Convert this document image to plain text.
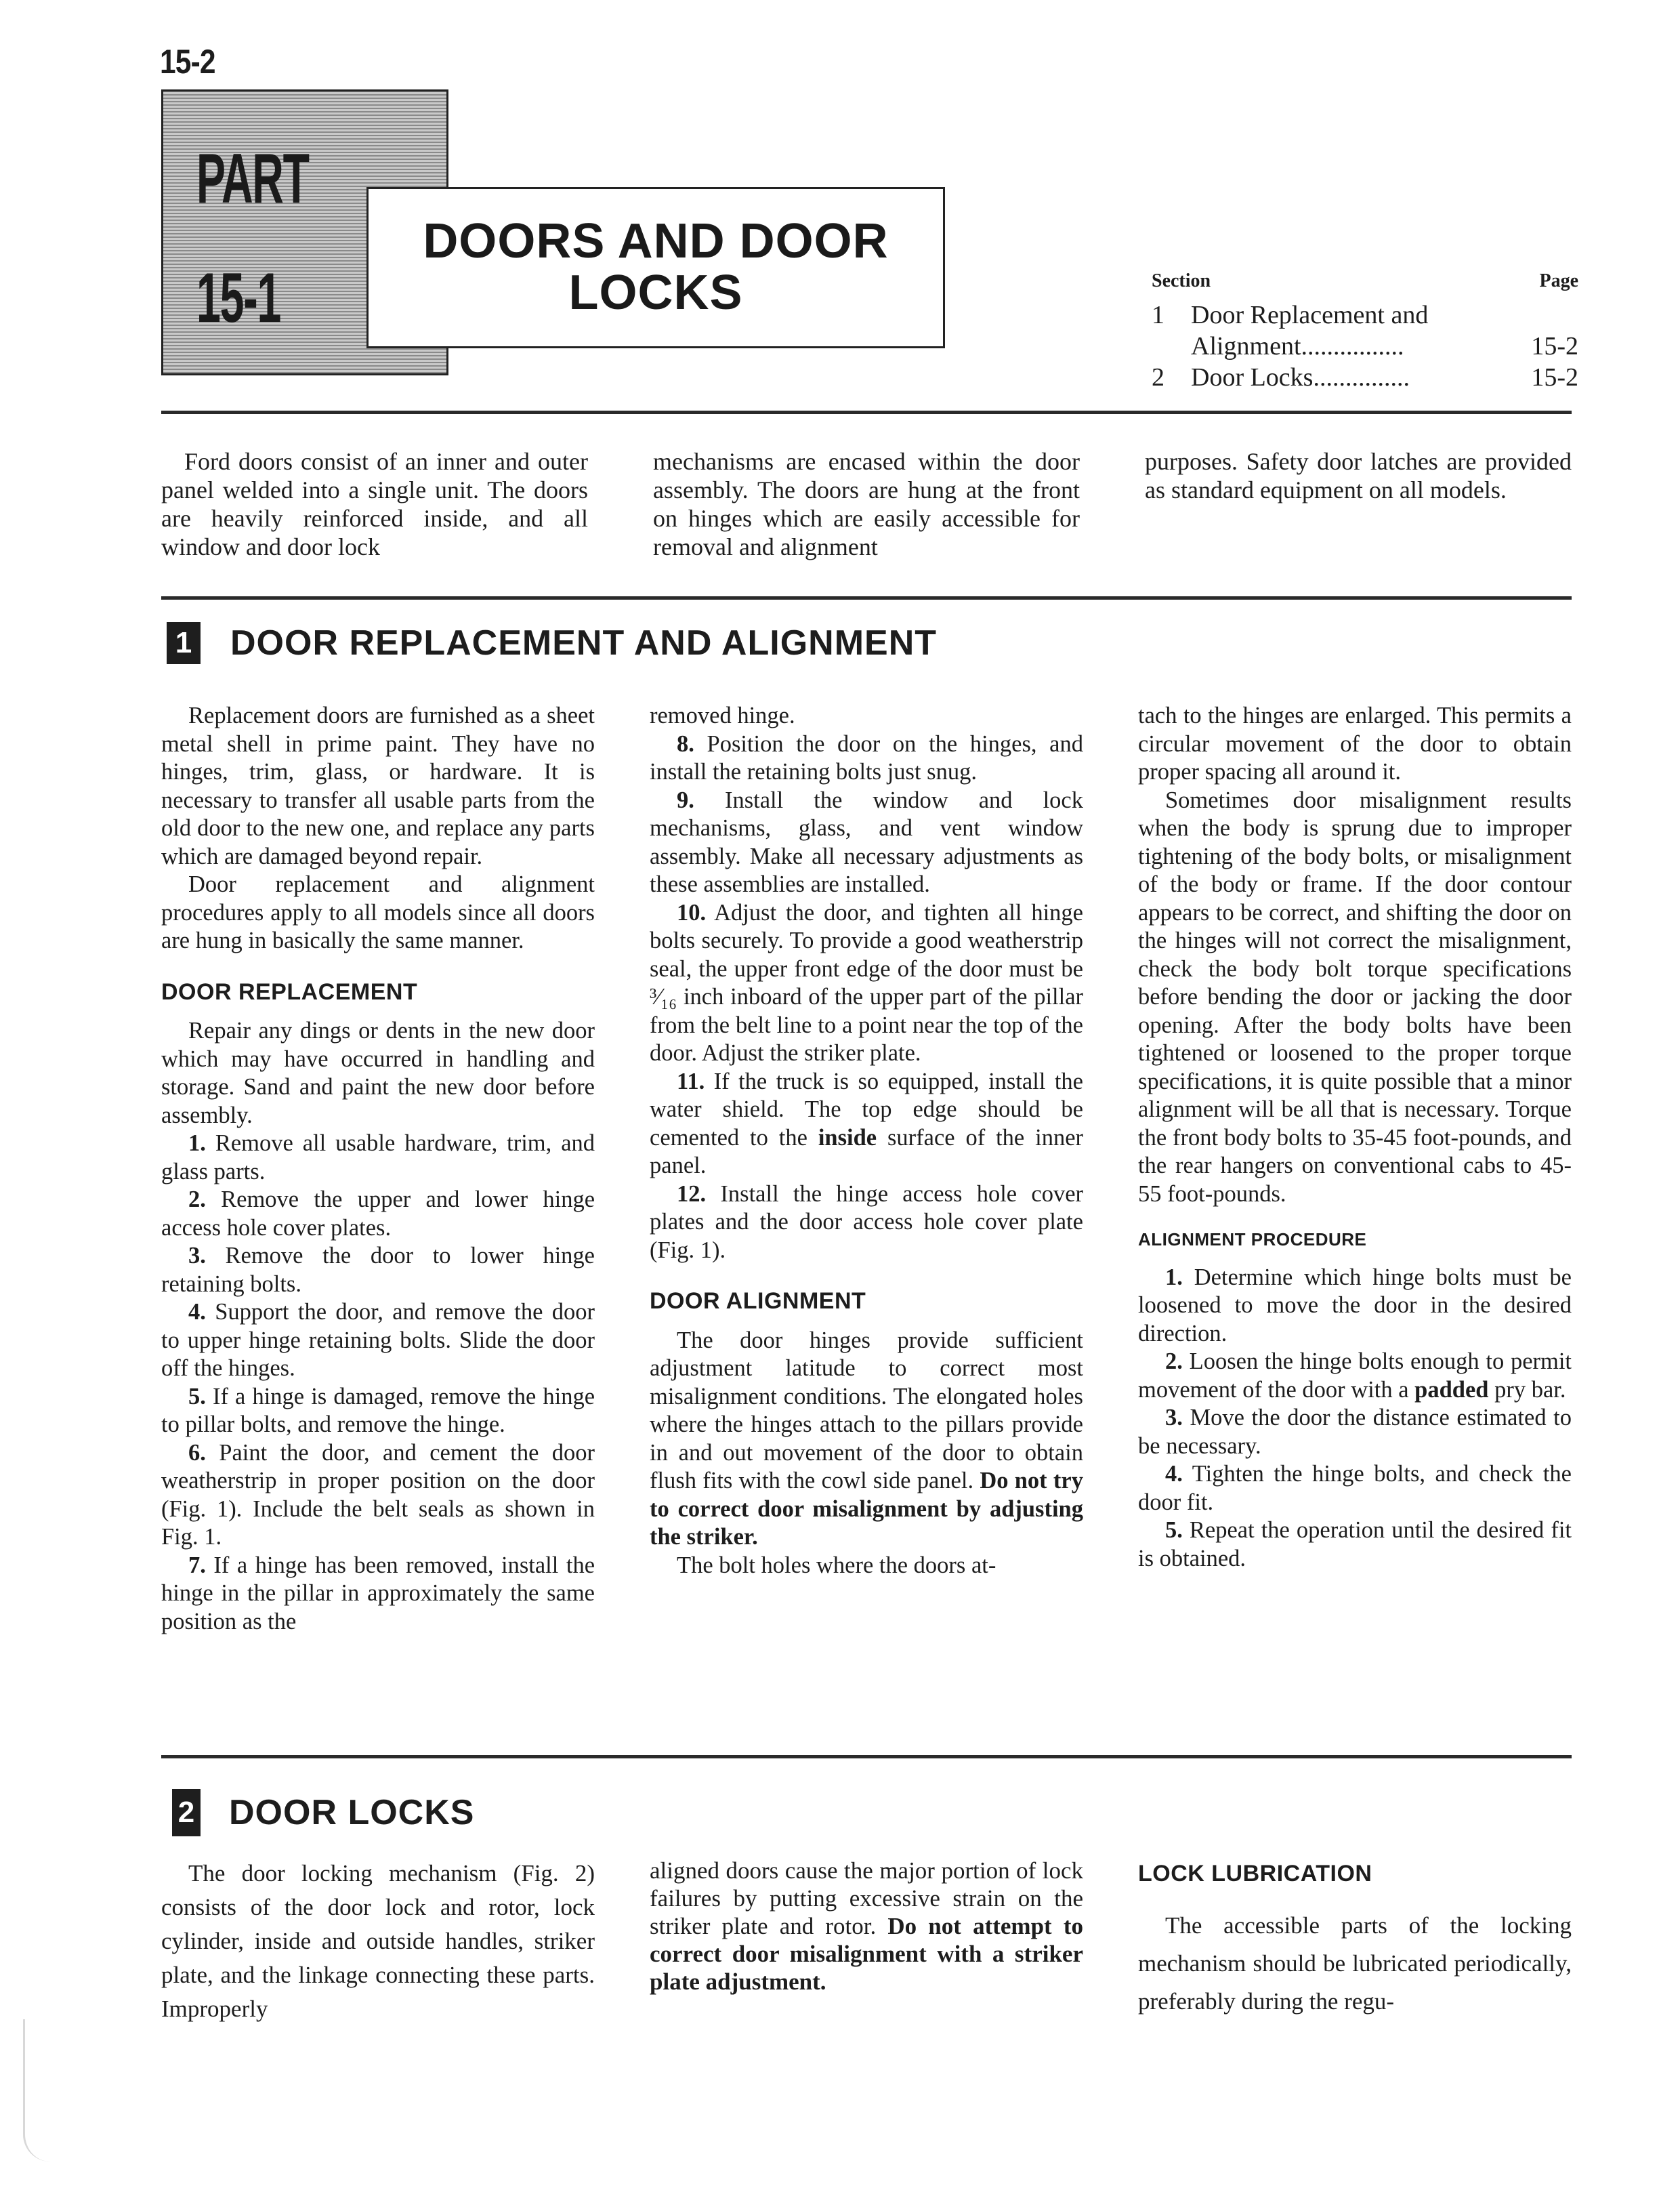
15-2
PART
15-1
DOORS AND DOOR
LOCKS	Section	Page
1	Door Replacement and
Alignment................	15-2
2	Door Locks...............	15-2

Ford doors consist of an inner and outer panel welded into a single unit. The doors are heavily reinforced inside, and all window and door lock

mechanisms are encased within the door assembly. The doors are hung at the front on hinges which are easily accessible for removal and alignment

purposes. Safety door latches are provided as standard equipment on all models.

1 DOOR REPLACEMENT AND ALIGNMENT

Replacement doors are furnished as a sheet metal shell in prime paint. They have no hinges, trim, glass, or hardware. It is necessary to transfer all usable parts from the old door to the new one, and replace any parts which are damaged beyond repair.

Door replacement and alignment procedures apply to all models since all doors are hung in basically the same manner.

DOOR REPLACEMENT

Repair any dings or dents in the new door which may have occurred in handling and storage. Sand and paint the new door before assembly.

1. Remove all usable hardware, trim, and glass parts.

2. Remove the upper and lower hinge access hole cover plates.

3. Remove the door to lower hinge retaining bolts.

4. Support the door, and remove the door to upper hinge retaining bolts. Slide the door off the hinges.

5. If a hinge is damaged, remove the hinge to pillar bolts, and remove the hinge.

6. Paint the door, and cement the door weatherstrip in proper position on the door (Fig. 1). Include the belt seals as shown in Fig. 1.

7. If a hinge has been removed, install the hinge in the pillar in approximately the same position as the

removed hinge.

8. Position the door on the hinges, and install the retaining bolts just snug.

9. Install the window and lock mechanisms, glass, and vent window assembly. Make all necessary adjustments as these assemblies are installed.

10. Adjust the door, and tighten all hinge bolts securely. To provide a good weatherstrip seal, the upper front edge of the door must be ³⁄₁₆ inch inboard of the upper part of the pillar from the belt line to a point near the top of the door. Adjust the striker plate.

11. If the truck is so equipped, install the water shield. The top edge should be cemented to the inside surface of the inner panel.

12. Install the hinge access hole cover plates and the door access hole cover plate (Fig. 1).

DOOR ALIGNMENT

The door hinges provide sufficient adjustment latitude to correct most misalignment conditions. The elongated holes where the hinges attach to the pillars provide in and out movement of the door to obtain flush fits with the cowl side panel. Do not try to correct door misalignment by adjusting the striker.

The bolt holes where the doors at-

tach to the hinges are enlarged. This permits a circular movement of the door to obtain proper spacing all around it.

Sometimes door misalignment results when the body is sprung due to improper tightening of the body bolts, or misalignment of the body or frame. If the door contour appears to be correct, and shifting the door on the hinges will not correct the misalignment, check the body bolt torque specifications before bending the door or jacking the door opening. After the body bolts have been tightened or loosened to the proper torque specifications, it is quite possible that a minor alignment will be all that is necessary. Torque the front body bolts to 35-45 foot-pounds, and the rear hangers on conventional cabs to 45-55 foot-pounds.

ALIGNMENT PROCEDURE

1. Determine which hinge bolts must be loosened to move the door in the desired direction.

2. Loosen the hinge bolts enough to permit movement of the door with a padded pry bar.

3. Move the door the distance estimated to be necessary.

4. Tighten the hinge bolts, and check the door fit.

5. Repeat the operation until the desired fit is obtained.

2 DOOR LOCKS

The door locking mechanism (Fig. 2) consists of the door lock and rotor, lock cylinder, inside and outside handles, striker plate, and the linkage connecting these parts. Improperly

aligned doors cause the major portion of lock failures by putting excessive strain on the striker plate and rotor. Do not attempt to correct door misalignment with a striker plate adjustment.

LOCK LUBRICATION

The accessible parts of the locking mechanism should be lubricated periodically, preferably during the regu-
